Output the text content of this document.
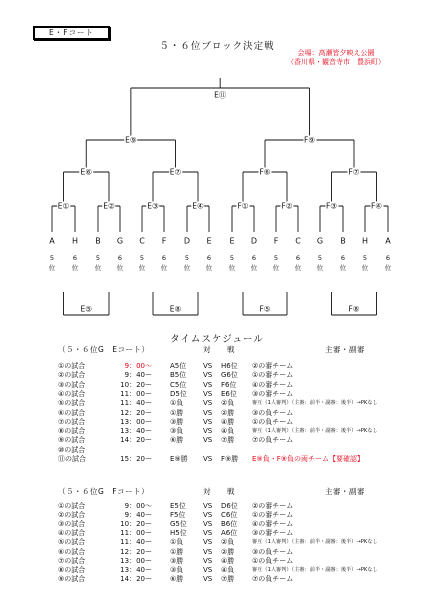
E・Fコート
５・６位ブロック決定戦
会場：高瀬皆夕映え公園
（香川県・観音寺市　豊浜町）
E⑪
E⑨	F⑨
E⑥	E⑦	F⑥	F⑦
E①	E②	E③	E④	F①	F②	F③	F④
A
5
位
H
6
位
B
5
位
G
6
位
C
5
位
F
6
位
D
5
位
E
6
位
E
5
位
D
6
位
F
5
位
C
6
位
G
5
位
B
6
位
H
5
位
A
6
位
E⑤	E⑧	F⑤	F⑧
タイムスケジュール
（５・６位G　Eコート）	対　　戦	主審・副審
①の試合	9：00〜	A5位 VS H6位 ②の審チーム
②の試合	9：40ー	B5位 VS G6位 ①の審チーム
③の試合	10：20ー	C5位 VS F6位 ④の審チーム
④の試合	11：00ー	D5位 VS E6位 ③の審チーム
⑤の試合	11：40ー	①負	VS ②負	審互（1人審判）（主審：前半・副審：後半）→PKなし
⑥の試合	12：20ー	①勝	VS ②勝	③の負チーム
⑦の試合	13：00ー	③勝	VS ④勝	①の負チーム
⑧の試合	13：40ー	③負	VS ④負	審互（1人審判）（主審：前半・副審：後半）→PKなし
⑨の試合	14：20ー	⑥勝	VS ⑦勝	⑦の負チーム
⑩の試合
⑪の試合	15：20ー	E⑨勝 VS F⑨勝 E⑨負・F⑨負の両チーム【要確認】
（５・６位G　Fコート）	対　　戦	主審・副審
①の試合	9：00〜	E5位 VS D6位 ②の審チーム
②の試合	9：40ー	F5位	VS C6位 ①の審チーム
③の試合	10：20ー	G5位 VS B6位 ④の審チーム
④の試合	11：00ー	H5位 VS A6位 ③の審チーム
⑤の試合	11：40ー	①負	VS ②負	審互（1人審判）（主審：前半・副審：後半）→PKなし
⑥の試合	12：20ー	①勝	VS ②勝	③の負チーム
⑦の試合	13：00ー	③勝	VS ④勝	①の負チーム
⑧の試合	13：40ー	③負	VS ④負	審互（1人審判）（主審：前半・副審：後半）→PKなし
⑨の試合	14：20ー	⑥勝	VS ⑦勝	⑦の負チーム
